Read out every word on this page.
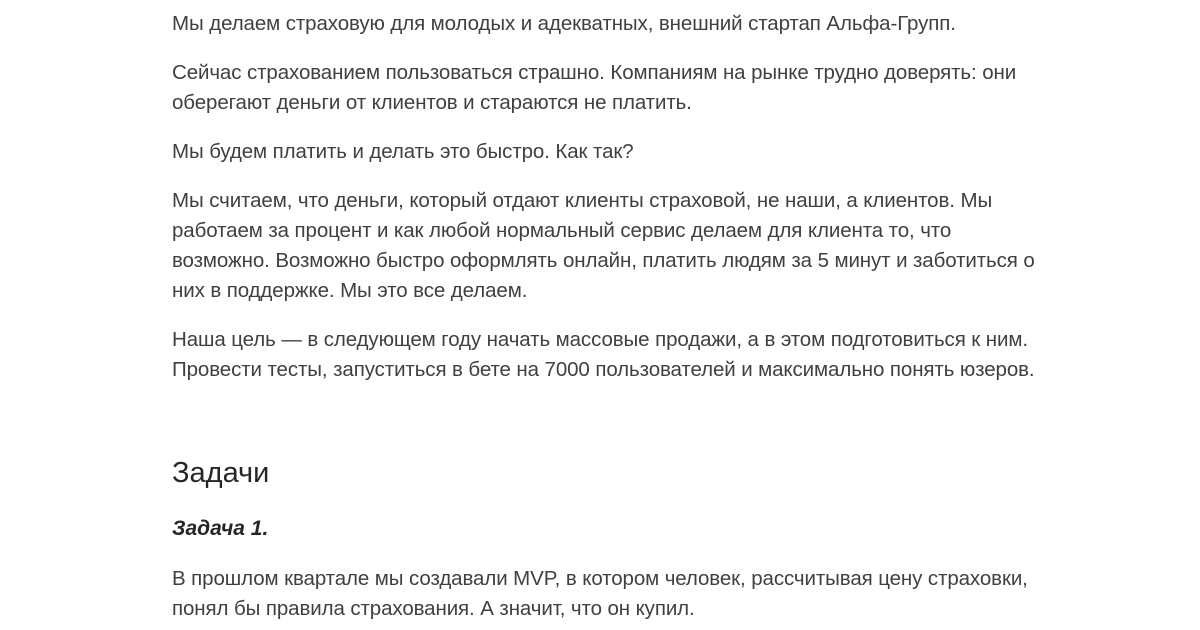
Мы делаем страховую для молодых и адекватных, внешний стартап Альфа-Групп.

Сейчас страхованием пользоваться страшно. Компаниям на рынке трудно доверять: они
оберегают деньги от клиентов и стараются не платить.

Мы будем платить и делать это быстро. Как так?

Мы считаем, что деньги, который отдают клиенты страховой, не наши, а клиентов. Мы
работаем за процент и как любой нормальный сервис делаем для клиента то, что
возможно. Возможно быстро оформлять онлайн, платить людям за 5 минут и заботиться о
них в поддержке. Мы это все делаем.

Наша цель — в следующем году начать массовые продажи, а в этом подготовиться к ним.
Провести тесты, запуститься в бете на 7000 пользователей и максимально понять юзеров.

Задачи
Задача 1.

В прошлом квартале мы создавали MVP, в котором человек, рассчитывая цену страховки,
понял бы правила страхования. А значит, что он купил.
